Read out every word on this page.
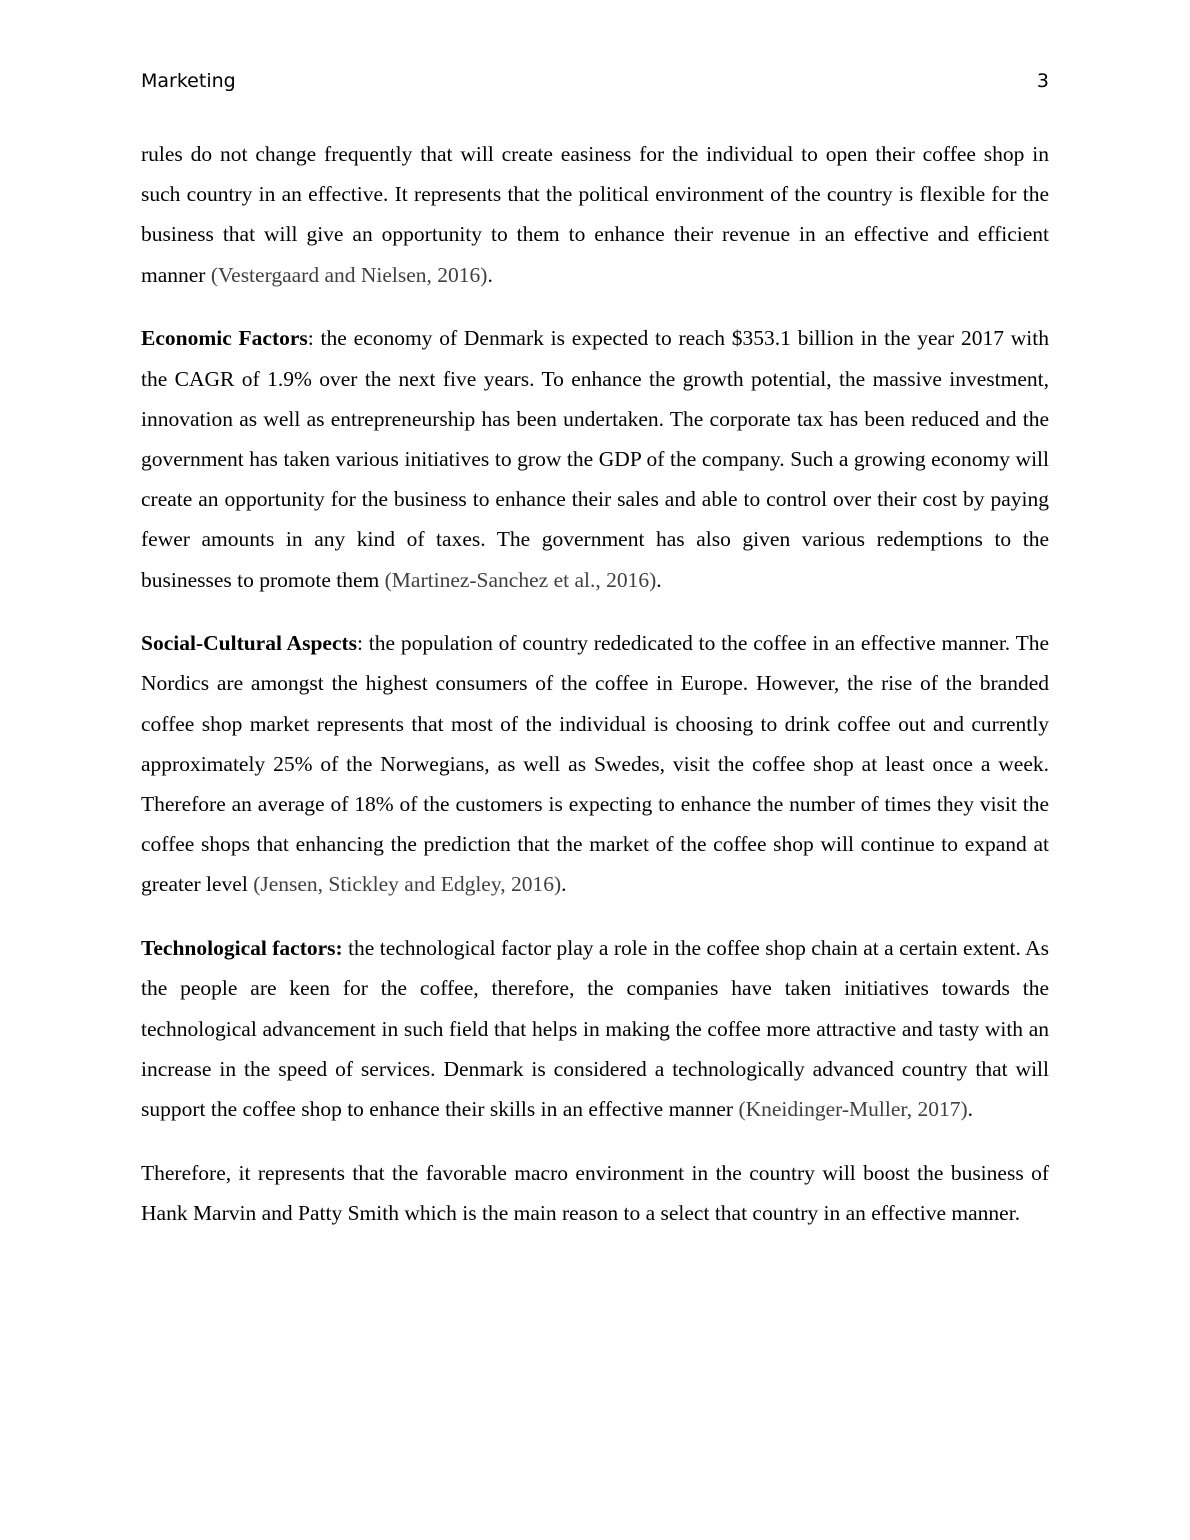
Marketing	3

rules do not change frequently that will create easiness for the individual to open their coffee shop in such country in an effective. It represents that the political environment of the country is flexible for the business that will give an opportunity to them to enhance their revenue in an effective and efficient manner (Vestergaard and Nielsen, 2016).

Economic Factors: the economy of Denmark is expected to reach $353.1 billion in the year 2017 with the CAGR of 1.9% over the next five years. To enhance the growth potential, the massive investment, innovation as well as entrepreneurship has been undertaken. The corporate tax has been reduced and the government has taken various initiatives to grow the GDP of the company. Such a growing economy will create an opportunity for the business to enhance their sales and able to control over their cost by paying fewer amounts in any kind of taxes. The government has also given various redemptions to the businesses to promote them (Martinez-Sanchez et al., 2016).

Social-Cultural Aspects: the population of country rededicated to the coffee in an effective manner. The Nordics are amongst the highest consumers of the coffee in Europe. However, the rise of the branded coffee shop market represents that most of the individual is choosing to drink coffee out and currently approximately 25% of the Norwegians, as well as Swedes, visit the coffee shop at least once a week. Therefore an average of 18% of the customers is expecting to enhance the number of times they visit the coffee shops that enhancing the prediction that the market of the coffee shop will continue to expand at greater level (Jensen, Stickley and Edgley, 2016).

Technological factors: the technological factor play a role in the coffee shop chain at a certain extent. As the people are keen for the coffee, therefore, the companies have taken initiatives towards the technological advancement in such field that helps in making the coffee more attractive and tasty with an increase in the speed of services. Denmark is considered a technologically advanced country that will support the coffee shop to enhance their skills in an effective manner (Kneidinger-Muller, 2017).

Therefore, it represents that the favorable macro environment in the country will boost the business of Hank Marvin and Patty Smith which is the main reason to a select that country in an effective manner.
